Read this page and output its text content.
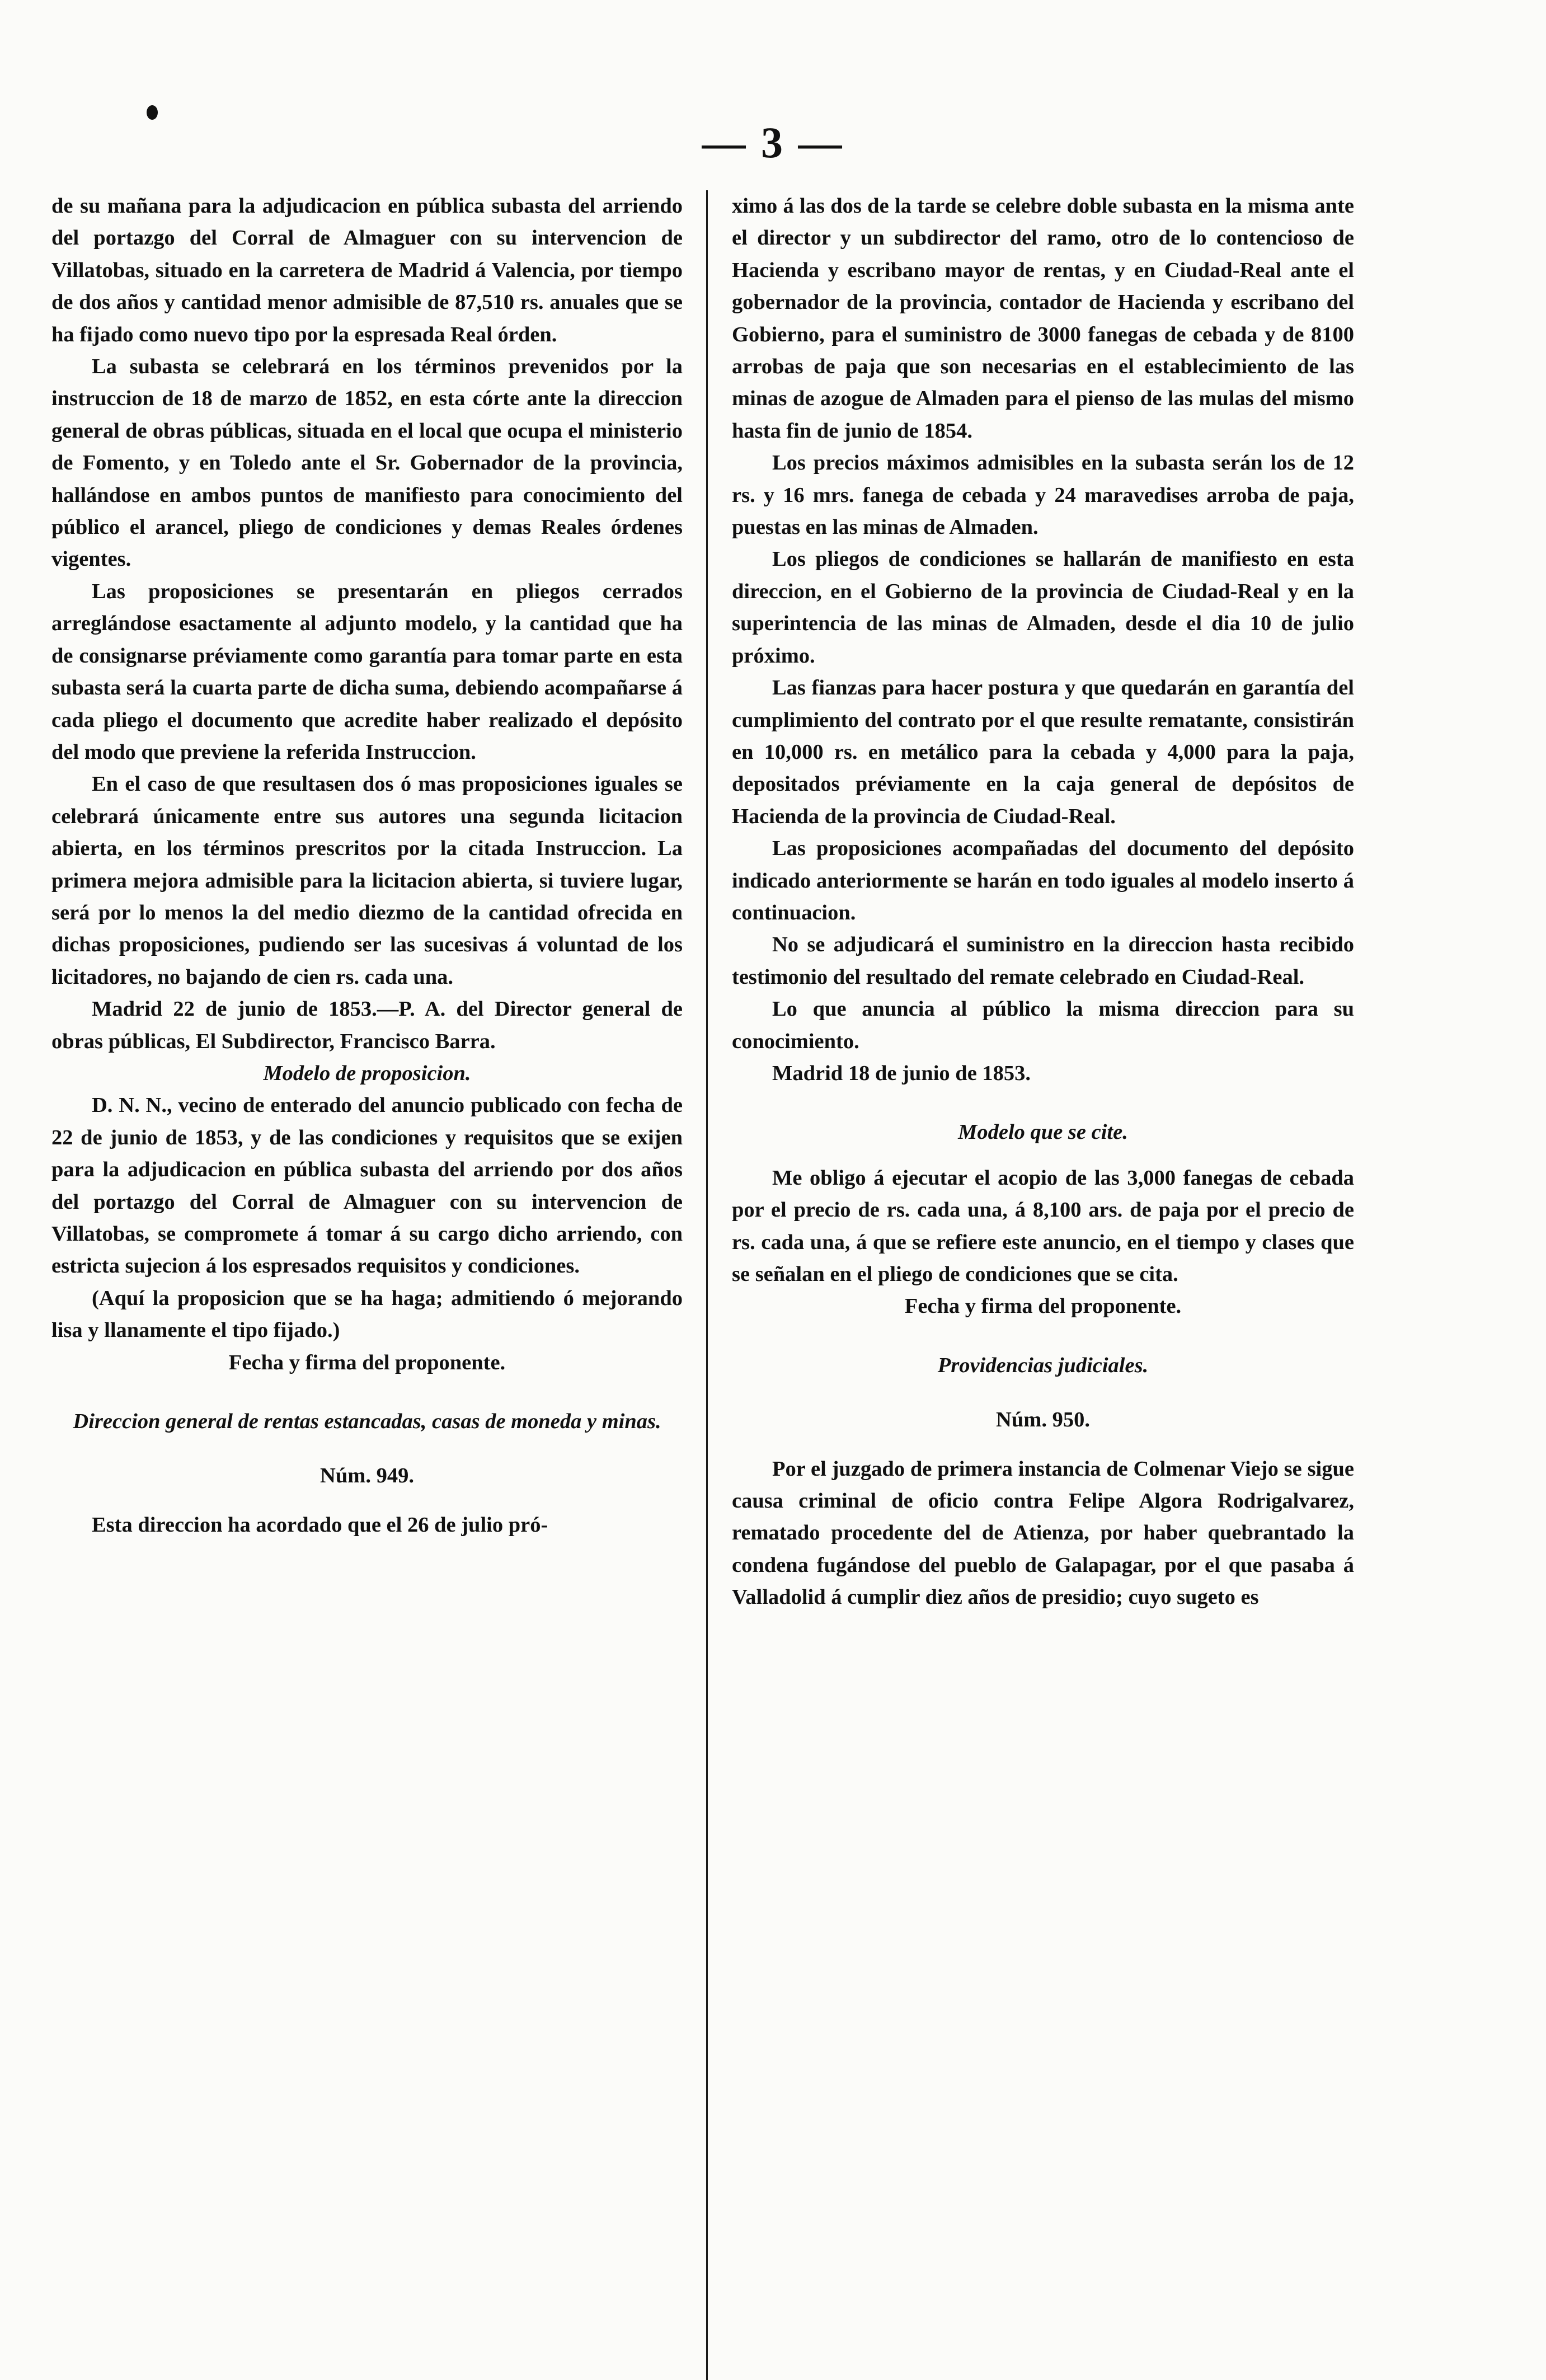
— 3 —

de su mañana para la adjudicacion en pública subasta del arriendo del portazgo del Corral de Almaguer con su intervencion de Villatobas, situado en la carretera de Madrid á Valencia, por tiempo de dos años y cantidad menor admisible de 87,510 rs. anuales que se ha fijado como nuevo tipo por la espresada Real órden.

La subasta se celebrará en los términos prevenidos por la instruccion de 18 de marzo de 1852, en esta córte ante la direccion general de obras públicas, situada en el local que ocupa el ministerio de Fomento, y en Toledo ante el Sr. Gobernador de la provincia, hallándose en ambos puntos de manifiesto para conocimiento del público el arancel, pliego de condiciones y demas Reales órdenes vigentes.

Las proposiciones se presentarán en pliegos cerrados arreglándose esactamente al adjunto modelo, y la cantidad que ha de consignarse préviamente como garantía para tomar parte en esta subasta será la cuarta parte de dicha suma, debiendo acompañarse á cada pliego el documento que acredite haber realizado el depósito del modo que previene la referida Instruccion.

En el caso de que resultasen dos ó mas proposiciones iguales se celebrará únicamente entre sus autores una segunda licitacion abierta, en los términos prescritos por la citada Instruccion. La primera mejora admisible para la licitacion abierta, si tuviere lugar, será por lo menos la del medio diezmo de la cantidad ofrecida en dichas proposiciones, pudiendo ser las sucesivas á voluntad de los licitadores, no bajando de cien rs. cada una.

Madrid 22 de junio de 1853.—P. A. del Director general de obras públicas, El Subdirector, Francisco Barra.

Modelo de proposicion.

D. N. N., vecino de enterado del anuncio publicado con fecha de 22 de junio de 1853, y de las condiciones y requisitos que se exijen para la adjudicacion en pública subasta del arriendo por dos años del portazgo del Corral de Almaguer con su intervencion de Villatobas, se compromete á tomar á su cargo dicho arriendo, con estricta sujecion á los espresados requisitos y condiciones.

(Aquí la proposicion que se ha haga; admitiendo ó mejorando lisa y llanamente el tipo fijado.)

Fecha y firma del proponente.

Direccion general de rentas estancadas, casas de moneda y minas.

Núm. 949.

Esta direccion ha acordado que el 26 de julio pró-

ximo á las dos de la tarde se celebre doble subasta en la misma ante el director y un subdirector del ramo, otro de lo contencioso de Hacienda y escribano mayor de rentas, y en Ciudad-Real ante el gobernador de la provincia, contador de Hacienda y escribano del Gobierno, para el suministro de 3000 fanegas de cebada y de 8100 arrobas de paja que son necesarias en el establecimiento de las minas de azogue de Almaden para el pienso de las mulas del mismo hasta fin de junio de 1854.

Los precios máximos admisibles en la subasta serán los de 12 rs. y 16 mrs. fanega de cebada y 24 maravedises arroba de paja, puestas en las minas de Almaden.

Los pliegos de condiciones se hallarán de manifiesto en esta direccion, en el Gobierno de la provincia de Ciudad-Real y en la superintencia de las minas de Almaden, desde el dia 10 de julio próximo.

Las fianzas para hacer postura y que quedarán en garantía del cumplimiento del contrato por el que resulte rematante, consistirán en 10,000 rs. en metálico para la cebada y 4,000 para la paja, depositados préviamente en la caja general de depósitos de Hacienda de la provincia de Ciudad-Real.

Las proposiciones acompañadas del documento del depósito indicado anteriormente se harán en todo iguales al modelo inserto á continuacion.

No se adjudicará el suministro en la direccion hasta recibido testimonio del resultado del remate celebrado en Ciudad-Real.

Lo que anuncia al público la misma direccion para su conocimiento.

Madrid 18 de junio de 1853.

Modelo que se cite.

Me obligo á ejecutar el acopio de las 3,000 fanegas de cebada por el precio de rs. cada una, á 8,100 ars. de paja por el precio de rs. cada una, á que se refiere este anuncio, en el tiempo y clases que se señalan en el pliego de condiciones que se cita.

Fecha y firma del proponente.

Providencias judiciales.

Núm. 950.

Por el juzgado de primera instancia de Colmenar Viejo se sigue causa criminal de oficio contra Felipe Algora Rodrigalvarez, rematado procedente del de Atienza, por haber quebrantado la condena fugándose del pueblo de Galapagar, por el que pasaba á Valladolid á cumplir diez años de presidio; cuyo sugeto es
